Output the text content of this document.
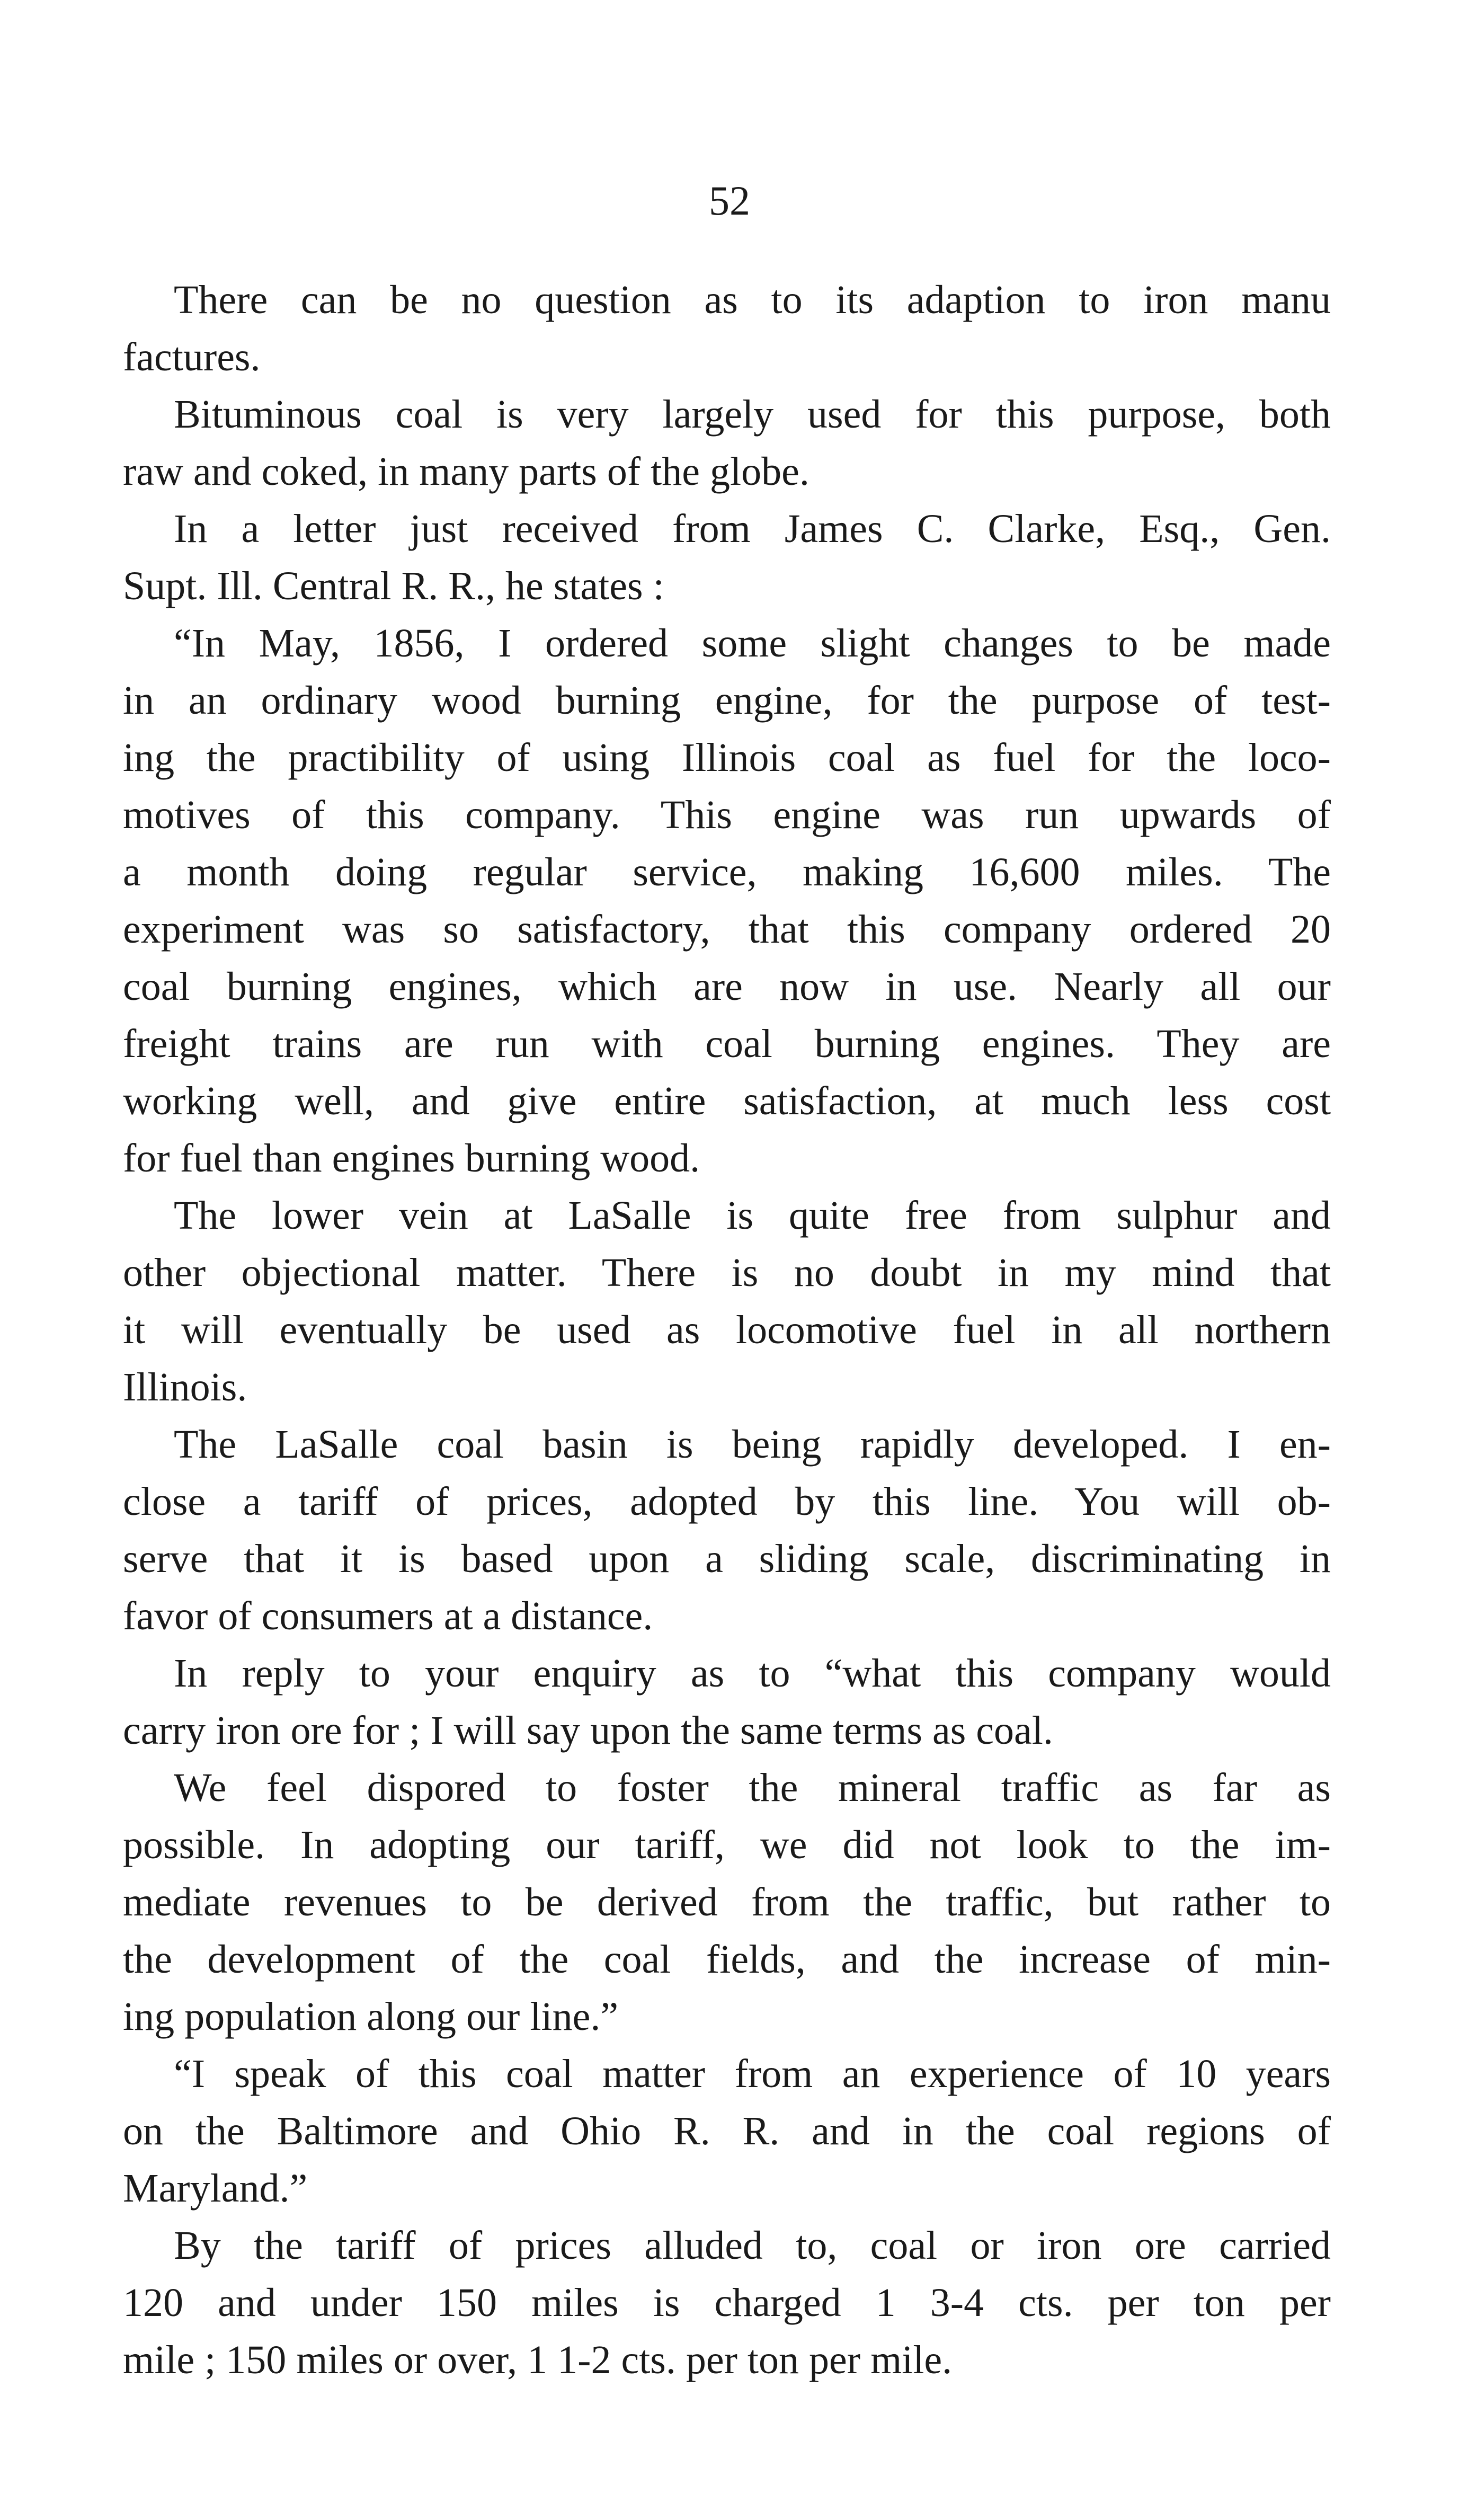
52
There can be no question as to its adaption to iron manu
factures.
Bituminous coal is very largely used for this purpose, both
raw and coked, in many parts of the globe.
In a letter just received from James C. Clarke, Esq., Gen.
Supt. Ill. Central R. R., he states :
“In May, 1856, I ordered some slight changes to be made
in an ordinary wood burning engine, for the purpose of test-
ing the practibility of using Illinois coal as fuel for the loco-
motives of this company. This engine was run upwards of
a month doing regular service, making 16,600 miles. The
experiment was so satisfactory, that this company ordered 20
coal burning engines, which are now in use. Nearly all our
freight trains are run with coal burning engines. They are
working well, and give entire satisfaction, at much less cost
for fuel than engines burning wood.
The lower vein at LaSalle is quite free from sulphur and
other objectional matter. There is no doubt in my mind that
it will eventually be used as locomotive fuel in all northern
Illinois.
The LaSalle coal basin is being rapidly developed. I en-
close a tariff of prices, adopted by this line. You will ob-
serve that it is based upon a sliding scale, discriminating in
favor of consumers at a distance.
In reply to your enquiry as to “what this company would
carry iron ore for ; I will say upon the same terms as coal.
We feel dispored to foster the mineral traffic as far as
possible. In adopting our tariff, we did not look to the im-
mediate revenues to be derived from the traffic, but rather to
the development of the coal fields, and the increase of min-
ing population along our line.”
“I speak of this coal matter from an experience of 10 years
on the Baltimore and Ohio R. R. and in the coal regions of
Maryland.”
By the tariff of prices alluded to, coal or iron ore carried
120 and under 150 miles is charged 1 3-4 cts. per ton per
mile ; 150 miles or over, 1 1-2 cts. per ton per mile.
